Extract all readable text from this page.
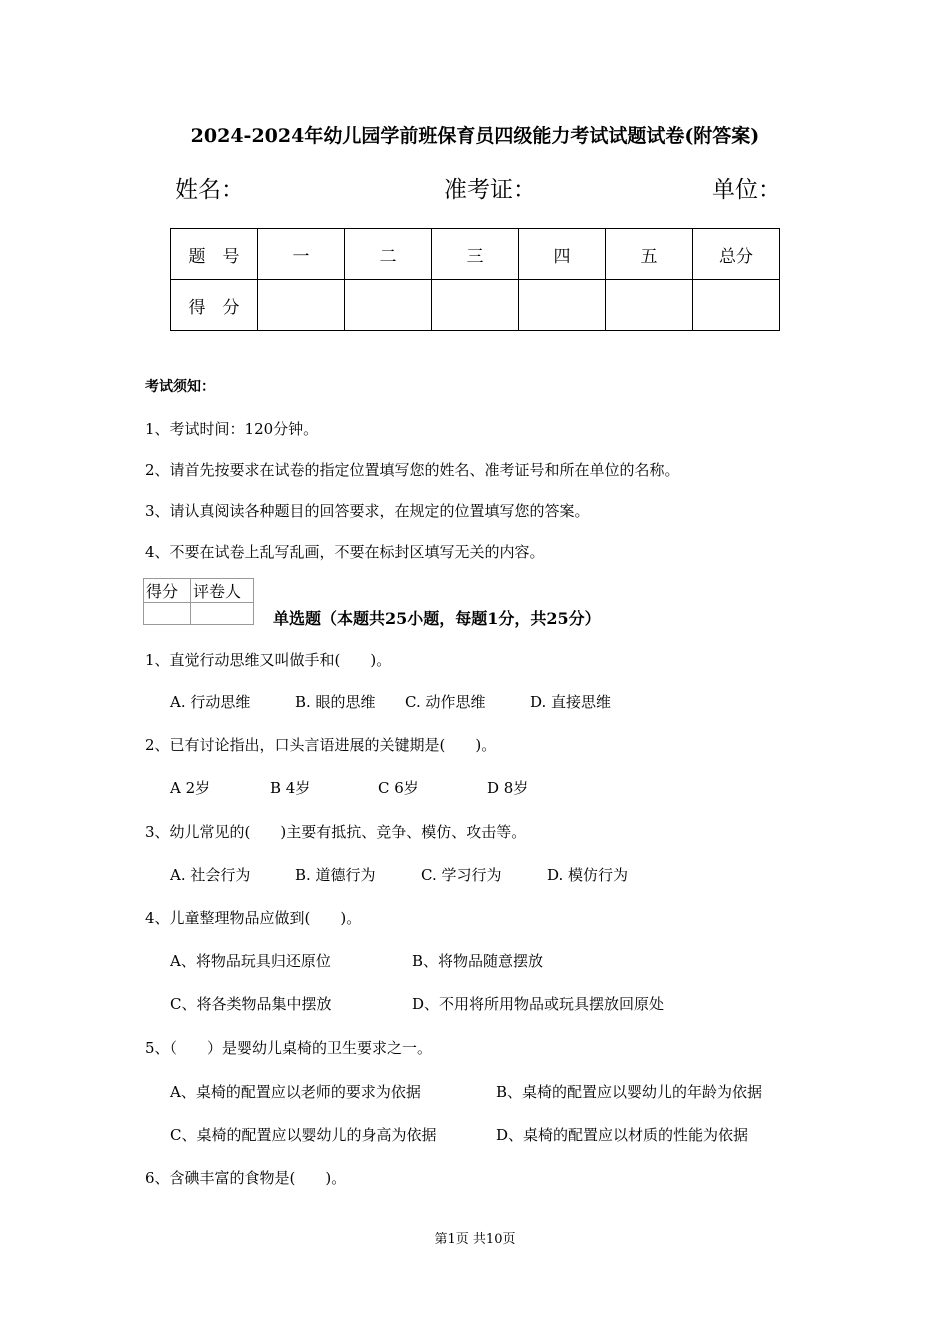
2024-2024年幼儿园学前班保育员四级能力考试试题试卷(附答案)
姓名：	准考证：	单位：
题　号	一	二	三	四	五	总分
得　分						
考试须知：
1、考试时间：120分钟。
2、请首先按要求在试卷的指定位置填写您的姓名、准考证号和所在单位的名称。
3、请认真阅读各种题目的回答要求，在规定的位置填写您的答案。
4、不要在试卷上乱写乱画，不要在标封区填写无关的内容。
得分	评卷人

单选题（本题共25小题，每题1分，共25分）
1、直觉行动思维又叫做手和(　　)。
A. 行动思维	B. 眼的思维 C. 动作思维	D. 直接思维
2、已有讨论指出，口头言语进展的关键期是(　　)。
A 2岁	B 4岁	C 6岁	D 8岁
3、幼儿常见的(　　)主要有抵抗、竞争、模仿、攻击等。
A. 社会行为	B. 道德行为	C. 学习行为	D. 模仿行为
4、儿童整理物品应做到(　　)。
A、将物品玩具归还原位	B、将物品随意摆放
C、将各类物品集中摆放	D、不用将所用物品或玩具摆放回原处
5、（　　）是婴幼儿桌椅的卫生要求之一。
A、桌椅的配置应以老师的要求为依据	B、桌椅的配置应以婴幼儿的年龄为依据
C、桌椅的配置应以婴幼儿的身高为依据	D、桌椅的配置应以材质的性能为依据
6、含碘丰富的食物是(　　)。
第1页 共10页
